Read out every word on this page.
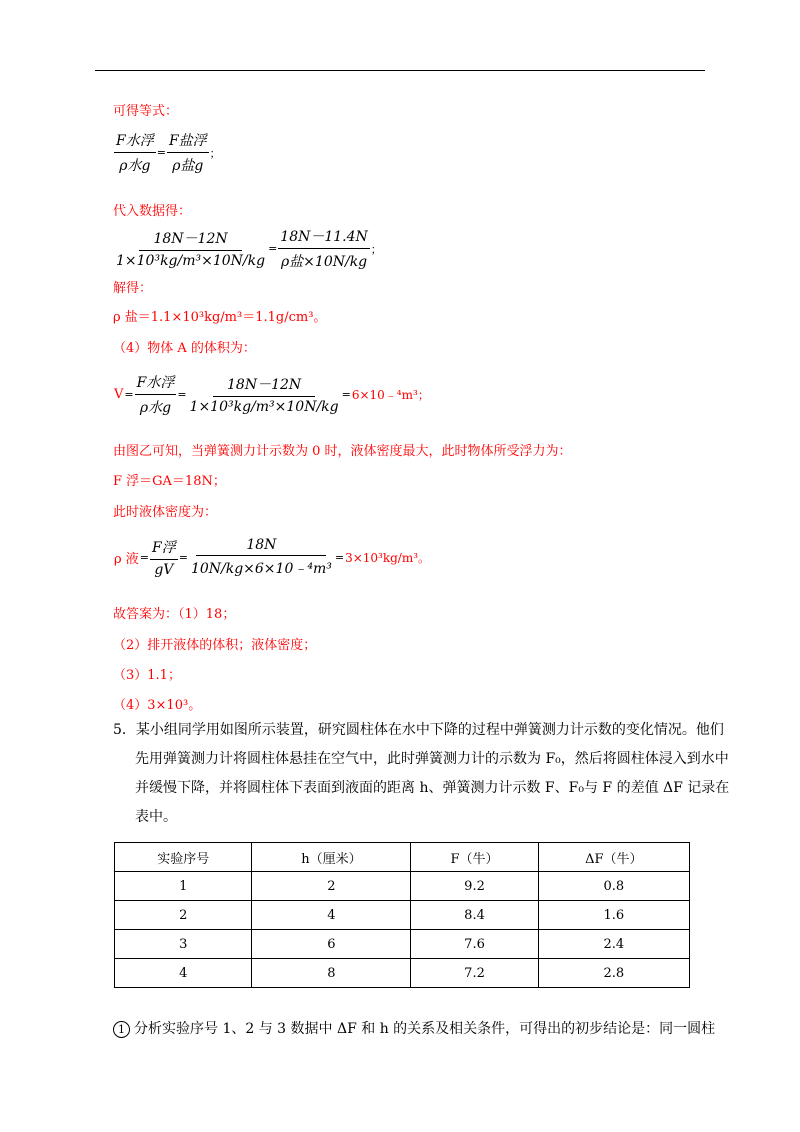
可得等式：
$\frac{\text{F水浮}}{\text{ρ水g}} = \frac{\text{F盐浮}}{\text{ρ盐g}}$ ；
代入数据得：
$\frac{18N-12N}{\text{1×10³kg/m³×10N/kg}} = \frac{18N-11.4N}{\text{ρ盐×10N/kg}}$ ；
解得：
ρ 盐＝1.1×10³kg/m³＝1.1g/cm³。
（4）物体 A 的体积为：
$V = \frac{\text{F水浮}}{\text{ρ水g}} = \frac{18N-12N}{\text{1×10³kg/m³×10N/kg}}$ = 6×10﹣⁴m³；
由图乙可知，当弹簧测力计示数为 0 时，液体密度最大，此时物体所受浮力为：
F 浮＝GA＝18N；
此时液体密度为：
ρ 液 = $\frac{\text{F浮}}{gV} = \frac{18N}{\text{10N/kg×6×10﹣⁴m³}} = 3\times 10^3kg/m^3$。
故答案为：（1）18；
（2）排开液体的体积；液体密度；
（3）1.1；
（4）3×10³。
5．某小组同学用如图所示装置，研究圆柱体在水中下降的过程中弹簧测力计示数的变化情况。他们先用弹簧测力计将圆柱体悬挂在空气中，此时弹簧测力计的示数为 F₀，然后将圆柱体浸入到水中并缓慢下降，并将圆柱体下表面到液面的距离 h、弹簧测力计示数 F、F₀与 F 的差值 ΔF 记录在表中。
实验序号	h（厘米）	F（牛）	ΔF（牛）
1	2	9.2	0.8
2	4	8.4	1.6
3	6	7.6	2.4
4	8	7.2	2.8
1 分析实验序号 1、2 与 3 数据中 ΔF 和 h 的关系及相关条件，可得出的初步结论是：同一圆柱
